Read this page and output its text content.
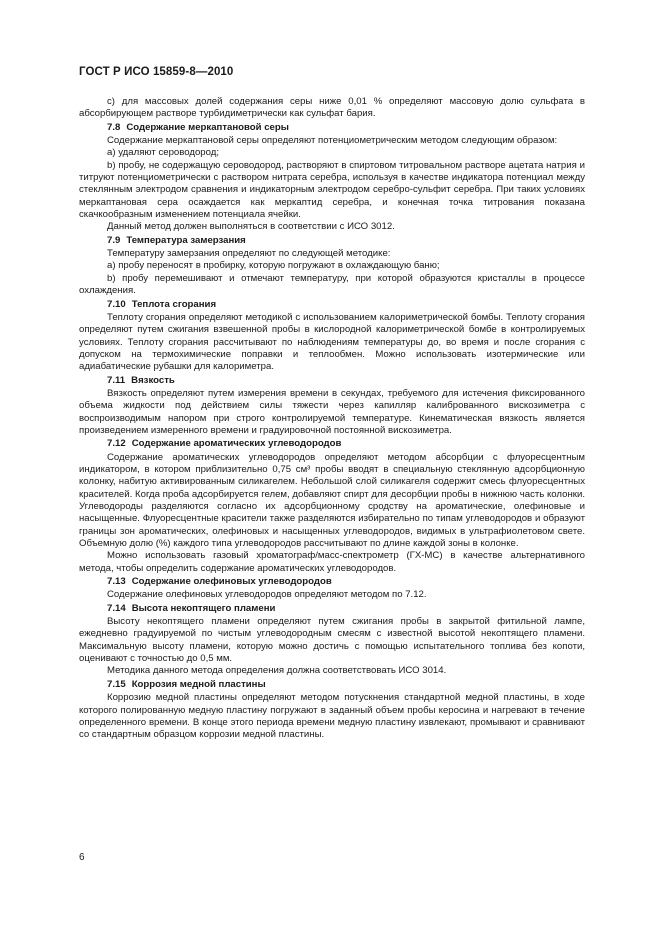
ГОСТ Р ИСО 15859-8—2010

c) для массовых долей содержания серы ниже 0,01 % определяют массовую долю сульфата в абсорбирующем растворе турбидиметрически как сульфат бария.

7.8 Содержание меркаптановой серы

Содержание меркаптановой серы определяют потенциометрическим методом следующим образом:

a) удаляют сероводород;

b) пробу, не содержащую сероводород, растворяют в спиртовом титровальном растворе ацетата натрия и титруют потенциометрически с раствором нитрата серебра, используя в качестве индикатора потенциал между стеклянным электродом сравнения и индикаторным электродом серебро-сульфит серебра. При таких условиях меркаптановая сера осаждается как меркаптид серебра, и конечная точка титрования показана скачкообразным изменением потенциала ячейки.

Данный метод должен выполняться в соответствии с ИСО 3012.

7.9 Температура замерзания

Температуру замерзания определяют по следующей методике:

a) пробу переносят в пробирку, которую погружают в охлаждающую баню;

b) пробу перемешивают и отмечают температуру, при которой образуются кристаллы в процессе охлаждения.

7.10 Теплота сгорания

Теплоту сгорания определяют методикой с использованием калориметрической бомбы. Теплоту сгорания определяют путем сжигания взвешенной пробы в кислородной калориметрической бомбе в контролируемых условиях. Теплоту сгорания рассчитывают по наблюдениям температуры до, во время и после сгорания с допуском на термохимические поправки и теплообмен. Можно использовать изотермические или адиабатические рубашки для калориметра.

7.11 Вязкость

Вязкость определяют путем измерения времени в секундах, требуемого для истечения фиксированного объема жидкости под действием силы тяжести через капилляр калиброванного вискозиметра с воспроизводимым напором при строго контролируемой температуре. Кинематическая вязкость является произведением измеренного времени и градуировочной постоянной вискозиметра.

7.12 Содержание ароматических углеводородов

Содержание ароматических углеводородов определяют методом абсорбции с флуоресцентным индикатором, в котором приблизительно 0,75 см³ пробы вводят в специальную стеклянную адсорбционную колонку, набитую активированным силикагелем. Небольшой слой силикагеля содержит смесь флуоресцентных красителей. Когда проба адсорбируется гелем, добавляют спирт для десорбции пробы в нижнюю часть колонки. Углеводороды разделяются согласно их адсорбционному сродству на ароматические, олефиновые и насыщенные. Флуоресцентные красители также разделяются избирательно по типам углеводородов и образуют границы зон ароматических, олефиновых и насыщенных углеводородов, видимых в ультрафиолетовом свете. Объемную долю (%) каждого типа углеводородов рассчитывают по длине каждой зоны в колонке.

Можно использовать газовый хроматограф/масс-спектрометр (ГХ-МС) в качестве альтернативного метода, чтобы определить содержание ароматических углеводородов.

7.13 Содержание олефиновых углеводородов

Содержание олефиновых углеводородов определяют методом по 7.12.

7.14 Высота некоптящего пламени

Высоту некоптящего пламени определяют путем сжигания пробы в закрытой фитильной лампе, ежедневно градуируемой по чистым углеводородным смесям с известной высотой некоптящего пламени. Максимальную высоту пламени, которую можно достичь с помощью испытательного топлива без копоти, оценивают с точностью до 0,5 мм.

Методика данного метода определения должна соответствовать ИСО 3014.

7.15 Коррозия медной пластины

Коррозию медной пластины определяют методом потускнения стандартной медной пластины, в ходе которого полированную медную пластину погружают в заданный объем пробы керосина и нагревают в течение определенного времени. В конце этого периода времени медную пластину извлекают, промывают и сравнивают со стандартным образцом коррозии медной пластины.

6
